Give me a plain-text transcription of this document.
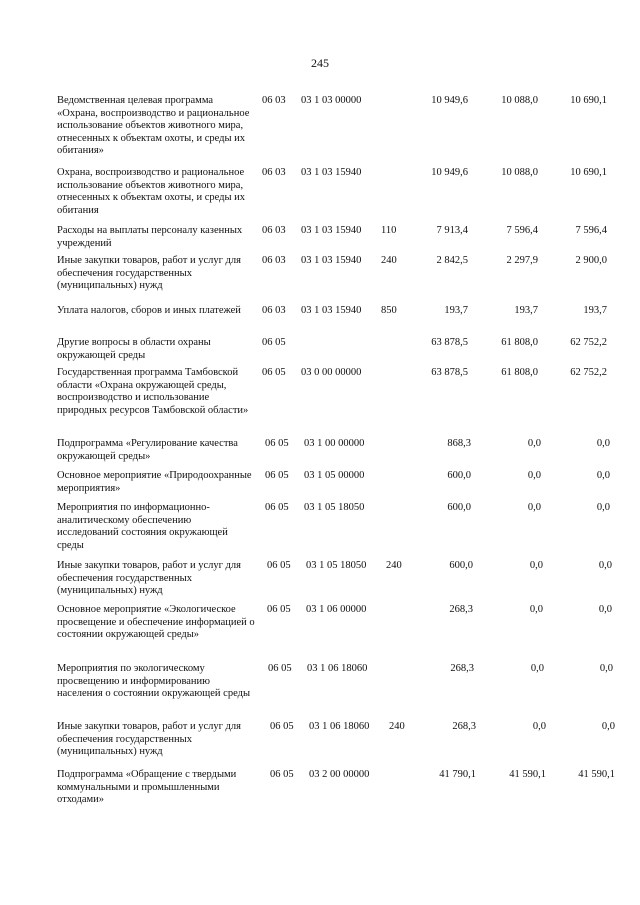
245
Ведомственная целевая программа «Охрана, воспроизводство и рациональное использование объектов животного мира, отнесенных к объектам охоты, и среды их обитания»
06 03	03 1 03 00000	10 949,6	10 088,0	10 690,1
Охрана, воспроизводство и рациональное использование объектов животного мира, отнесенных к объектам охоты, и среды их обитания
06 03	03 1 03 15940	10 949,6	10 088,0	10 690,1
Расходы на выплаты персоналу казенных учреждений
06 03	03 1 03 15940	110	7 913,4	7 596,4	7 596,4
Иные закупки товаров, работ и услуг для обеспечения государственных (муниципальных) нужд
06 03	03 1 03 15940	240	2 842,5	2 297,9	2 900,0
Уплата налогов, сборов и иных платежей	06 03	03 1 03 15940	850	193,7	193,7	193,7
Другие вопросы в области охраны окружающей среды
06 05	63 878,5	61 808,0	62 752,2
Государственная программа Тамбовской области «Охрана окружающей среды, воспроизводство и использование природных ресурсов Тамбовской области»
06 05	03 0 00 00000	63 878,5	61 808,0	62 752,2
Подпрограмма «Регулирование качества окружающей среды»
06 05	03 1 00 00000	868,3	0,0	0,0
Основное мероприятие «Природоохранные мероприятия»
06 05	03 1 05 00000	600,0	0,0	0,0
Мероприятия по информационно-аналитическому обеспечению исследований состояния окружающей среды
06 05	03 1 05 18050	600,0	0,0	0,0
Иные закупки товаров, работ и услуг для обеспечения государственных (муниципальных) нужд
06 05	03 1 05 18050	240	600,0	0,0	0,0
Основное мероприятие «Экологическое просвещение и обеспечение информацией о состоянии окружающей среды»
06 05	03 1 06 00000	268,3	0,0	0,0
Мероприятия по экологическому просвещению и информированию населения о состоянии окружающей среды
06 05	03 1 06 18060	268,3	0,0	0,0
Иные закупки товаров, работ и услуг для обеспечения государственных (муниципальных) нужд
06 05	03 1 06 18060	240	268,3	0,0	0,0
Подпрограмма «Обращение с твердыми коммунальными и промышленными отходами»
06 05	03 2 00 00000	41 790,1	41 590,1	41 590,1
